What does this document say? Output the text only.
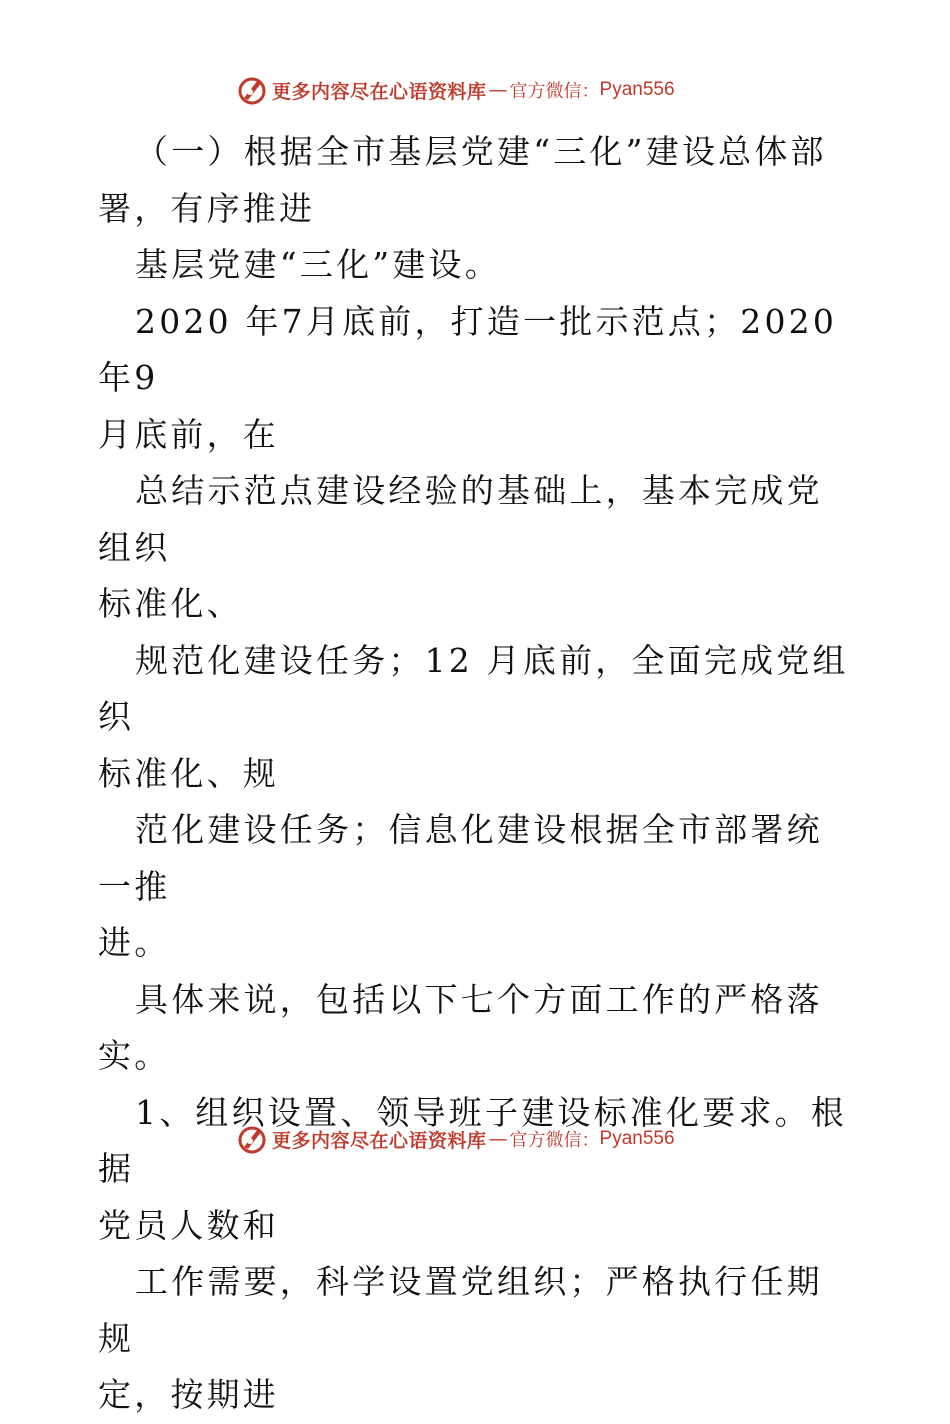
更多内容尽在心语资料库 — 官方微信： Pyan556

（一）根据全市基层党建“三化”建设总体部
署，有序推进

基层党建“三化”建设。

2020 年7月底前，打造一批示范点；2020 年9
月底前，在

总结示范点建设经验的基础上，基本完成党组织
标准化、

规范化建设任务；12 月底前，全面完成党组织
标准化、规

范化建设任务；信息化建设根据全市部署统一推
进。

具体来说，包括以下七个方面工作的严格落实。

1、组织设置、领导班子建设标准化要求。根据
党员人数和

工作需要，科学设置党组织；严格执行任期规
定，按期进

更多内容尽在心语资料库 — 官方微信： Pyan556
